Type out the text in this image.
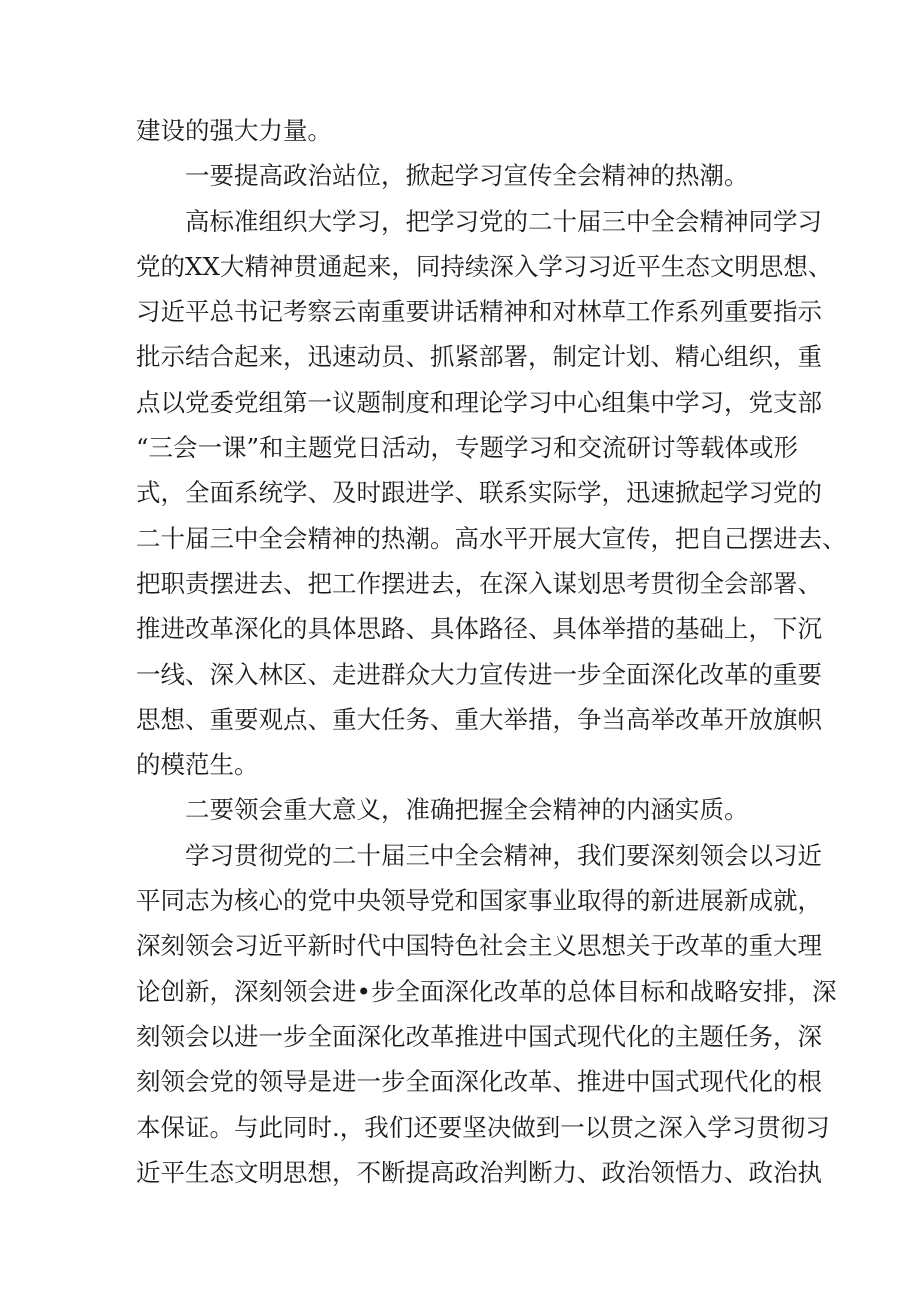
建设的强大力量。
一要提高政治站位，掀起学习宣传全会精神的热潮。
高标准组织大学习，把学习党的二十届三中全会精神同学习
党的XX大精神贯通起来，同持续深入学习习近平生态文明思想、
习近平总书记考察云南重要讲话精神和对林草工作系列重要指示
批示结合起来，迅速动员、抓紧部署，制定计划、精心组织，重
点以党委党组第一议题制度和理论学习中心组集中学习，党支部
“三会一课”和主题党日活动，专题学习和交流研讨等载体或形
式，全面系统学、及时跟进学、联系实际学，迅速掀起学习党的
二十届三中全会精神的热潮。高水平开展大宣传，把自己摆进去、
把职责摆进去、把工作摆进去，在深入谋划思考贯彻全会部署、
推进改革深化的具体思路、具体路径、具体举措的基础上，下沉
一线、深入林区、走进群众大力宣传进一步全面深化改革的重要
思想、重要观点、重大任务、重大举措，争当高举改革开放旗帜
的模范生。
二要领会重大意义，准确把握全会精神的内涵实质。
学习贯彻党的二十届三中全会精神，我们要深刻领会以习近
平同志为核心的党中央领导党和国家事业取得的新进展新成就，
深刻领会习近平新时代中国特色社会主义思想关于改革的重大理
论创新，深刻领会进•步全面深化改革的总体目标和战略安排，深
刻领会以进一步全面深化改革推进中国式现代化的主题任务，深
刻领会党的领导是进一步全面深化改革、推进中国式现代化的根
本保证。与此同时.，我们还要坚决做到一以贯之深入学习贯彻习
近平生态文明思想，不断提高政治判断力、政治领悟力、政治执
